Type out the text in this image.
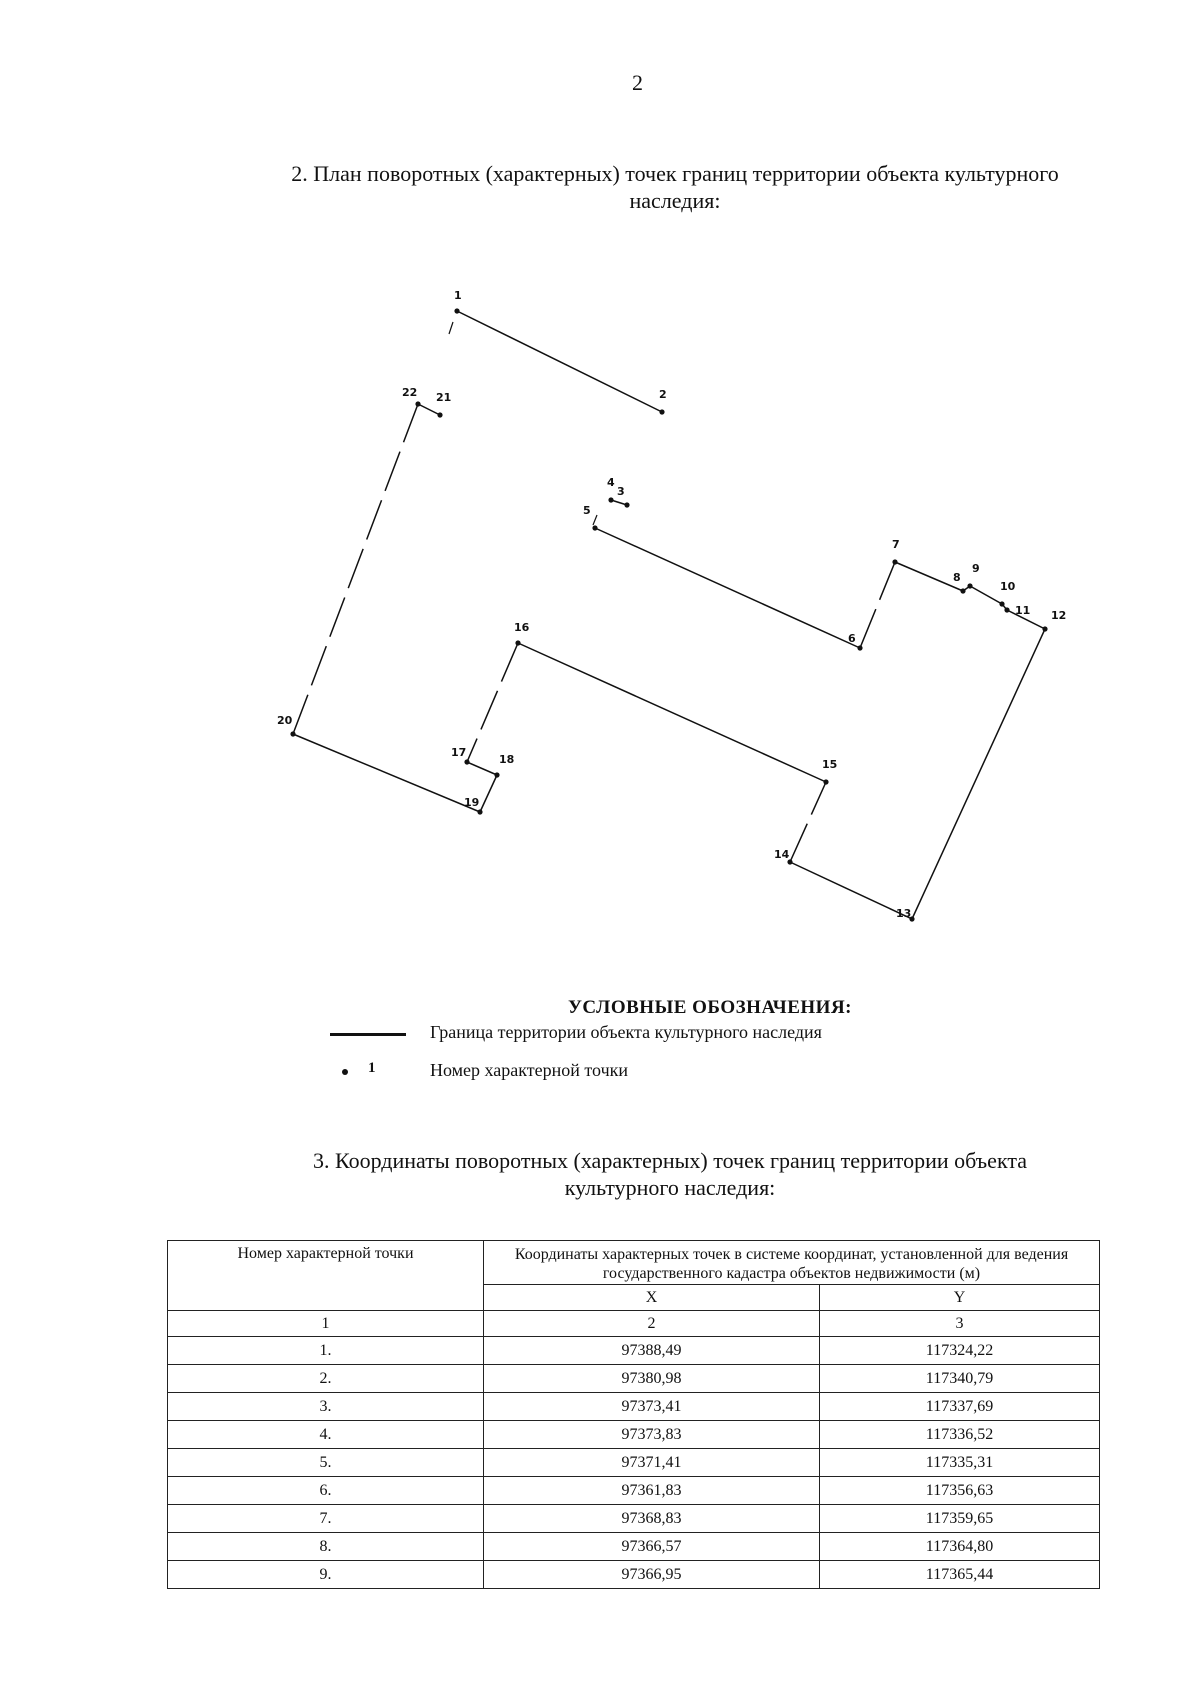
2
2. План поворотных (характерных) точек границ территории объекта культурного
наследия:
1
2
3
4
5
6
7
8
9
10
11 12
13
14
15
16
17
18
19
20
21
22
УСЛОВНЫЕ ОБОЗНАЧЕНИЯ:
Граница территории объекта культурного наследия
1	Номер характерной точки
3. Координаты поворотных (характерных) точек границ территории объекта
культурного наследия:
Номер характерной точки	Координаты характерных точек в системе координат, установленной для ведения государственного кадастра объектов недвижимости (м)	
	X	Y
1	2	3
1.	97388,49	117324,22
2.	97380,98	117340,79
3.	97373,41	117337,69
4.	97373,83	117336,52
5.	97371,41	117335,31
6.	97361,83	117356,63
7.	97368,83	117359,65
8.	97366,57	117364,80
9.	97366,95	117365,44
